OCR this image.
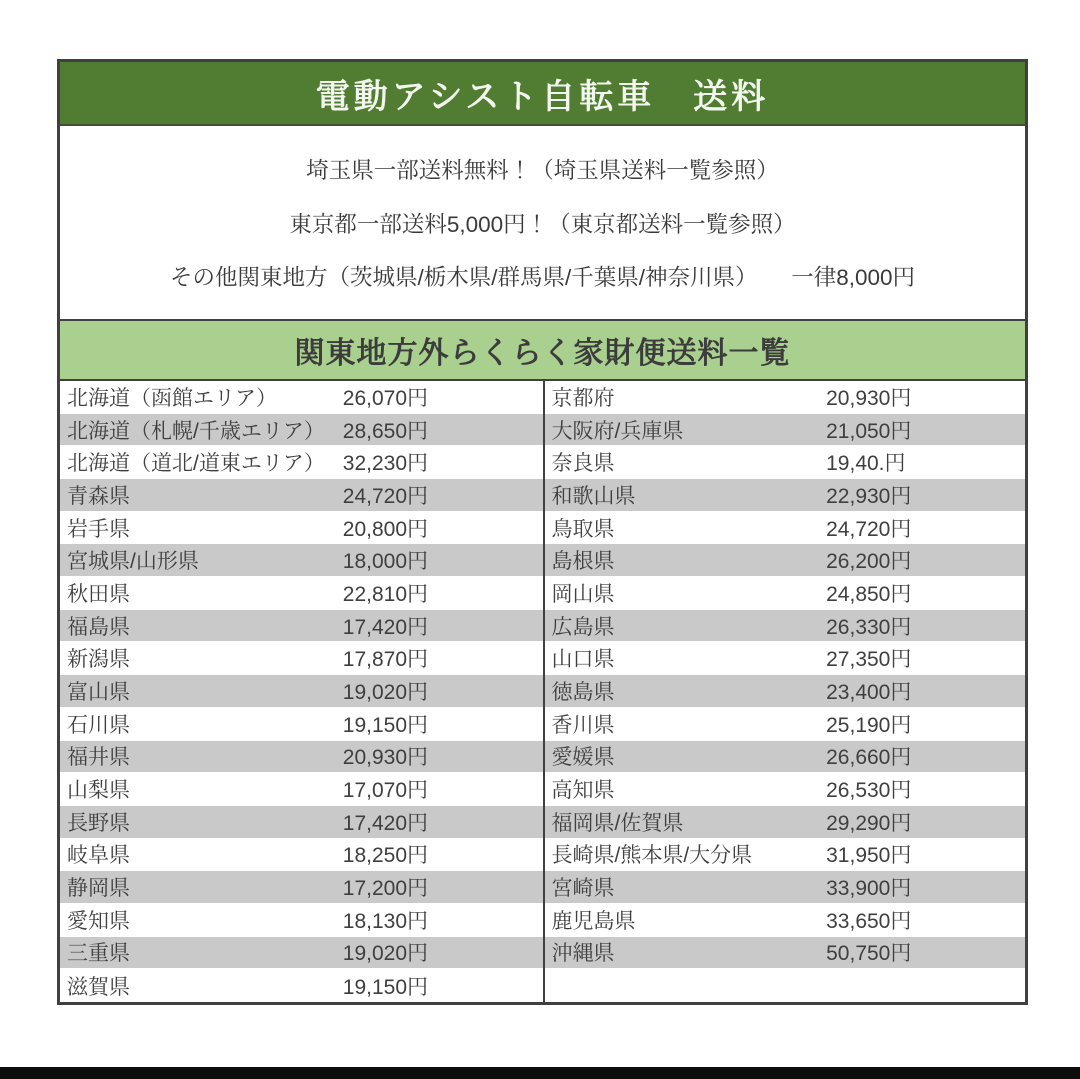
電動アシスト自転車　送料
埼玉県一部送料無料！（埼玉県送料一覧参照）
東京都一部送料5,000円！（東京都送料一覧参照）
その他関東地方（茨城県/栃木県/群馬県/千葉県/神奈川県）　　一律8,000円
関東地方外らくらく家財便送料一覧
北海道（函館エリア）	26,070円
北海道（札幌/千歳エリア） 28,650円
北海道（道北/道東エリア） 32,230円
青森県	24,720円
岩手県	20,800円
宮城県/山形県	18,000円
秋田県	22,810円
福島県	17,420円
新潟県	17,870円
富山県	19,020円
石川県	19,150円
福井県	20,930円
山梨県	17,070円
長野県	17,420円
岐阜県	18,250円
静岡県	17,200円
愛知県	18,130円
三重県	19,020円
滋賀県	19,150円
京都府	20,930円
大阪府/兵庫県	21,050円
奈良県	19,40.円
和歌山県	22,930円
鳥取県	24,720円
島根県	26,200円
岡山県	24,850円
広島県	26,330円
山口県	27,350円
徳島県	23,400円
香川県	25,190円
愛媛県	26,660円
高知県	26,530円
福岡県/佐賀県	29,290円
長崎県/熊本県/大分県	31,950円
宮崎県	33,900円
鹿児島県	33,650円
沖縄県	50,750円
